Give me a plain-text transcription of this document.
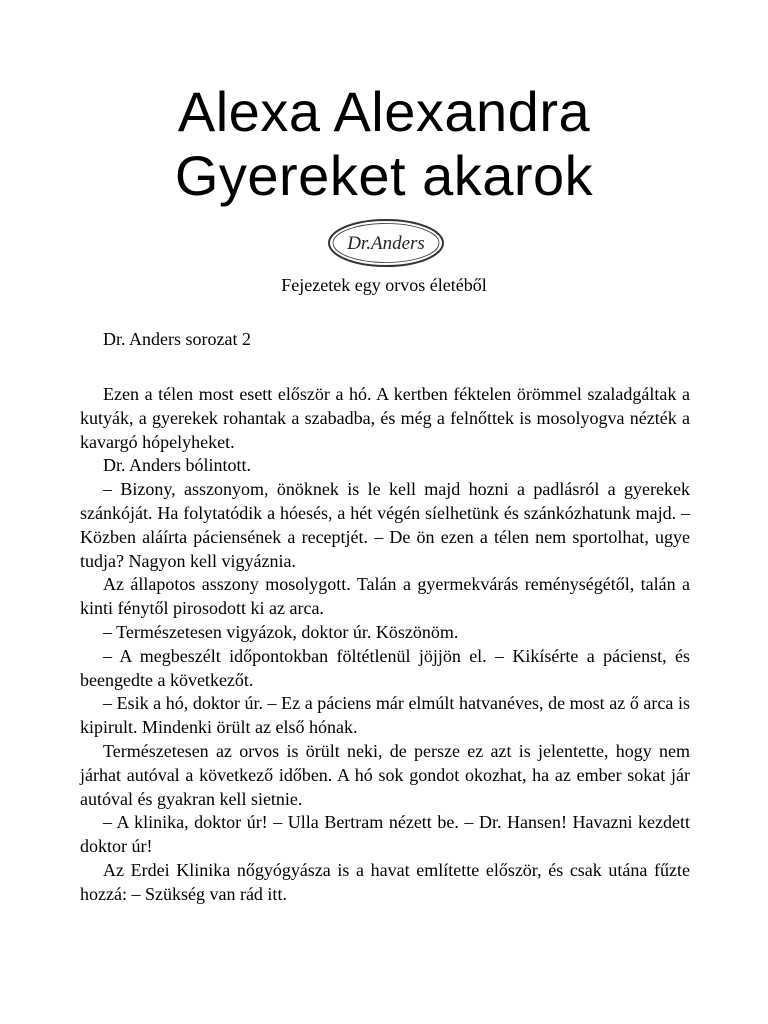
Alexa Alexandra
Gyereket akarok
Dr.Anders
Fejezetek egy orvos életéből
Dr. Anders sorozat 2

Ezen a télen most esett először a hó. A kertben féktelen örömmel szaladgáltak a kutyák, a gyerekek rohantak a szabadba, és még a felnőttek is mosolyogva nézték a kavargó hópelyheket.

Dr. Anders bólintott.

– Bizony, asszonyom, önöknek is le kell majd hozni a padlásról a gyerekek szánkóját. Ha folytatódik a hóesés, a hét végén síelhetünk és szánkózhatunk majd. – Közben aláírta páciensének a receptjét. – De ön ezen a télen nem sportolhat, ugye tudja? Nagyon kell vigyáznia.

Az állapotos asszony mosolygott. Talán a gyermekvárás reménységétől, talán a kinti fénytől pirosodott ki az arca.

– Természetesen vigyázok, doktor úr. Köszönöm.

– A megbeszélt időpontokban föltétlenül jöjjön el. – Kikísérte a pácienst, és beengedte a következőt.

– Esik a hó, doktor úr. – Ez a páciens már elmúlt hatvanéves, de most az ő arca is kipirult. Mindenki örült az első hónak.

Természetesen az orvos is örült neki, de persze ez azt is jelentette, hogy nem járhat autóval a következő időben. A hó sok gondot okozhat, ha az ember sokat jár autóval és gyakran kell sietnie.

– A klinika, doktor úr! – Ulla Bertram nézett be. – Dr. Hansen! Havazni kezdett doktor úr!

Az Erdei Klinika nőgyógyásza is a havat említette először, és csak utána fűzte hozzá: – Szükség van rád itt.
